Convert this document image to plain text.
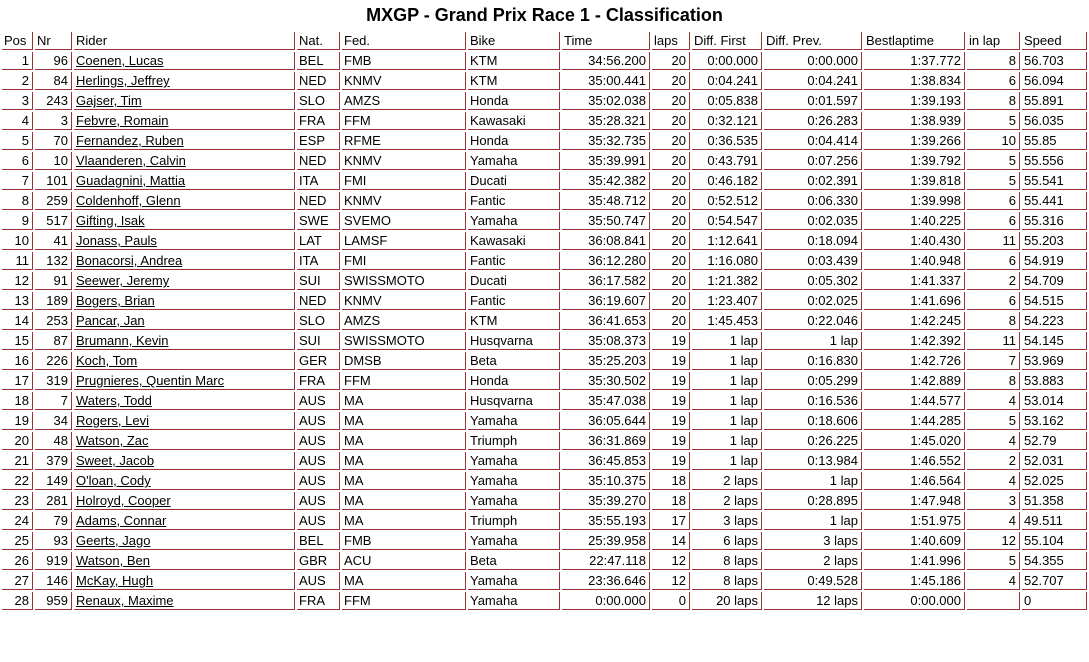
MXGP - Grand Prix Race 1 - Classification
Pos	Nr	Rider	Nat.	Fed.	Bike	Time	laps	Diff. First	Diff. Prev.	Bestlaptime	in lap	Speed
1	96	Coenen, Lucas	BEL	FMB	KTM	34:56.200	20	0:00.000	0:00.000	1:37.772	8	56.703
2	84	Herlings, Jeffrey	NED	KNMV	KTM	35:00.441	20	0:04.241	0:04.241	1:38.834	6	56.094
3	243	Gajser, Tim	SLO	AMZS	Honda	35:02.038	20	0:05.838	0:01.597	1:39.193	8	55.891
4	3	Febvre, Romain	FRA	FFM	Kawasaki	35:28.321	20	0:32.121	0:26.283	1:38.939	5	56.035
5	70	Fernandez, Ruben	ESP	RFME	Honda	35:32.735	20	0:36.535	0:04.414	1:39.266	10	55.85
6	10	Vlaanderen, Calvin	NED	KNMV	Yamaha	35:39.991	20	0:43.791	0:07.256	1:39.792	5	55.556
7	101	Guadagnini, Mattia	ITA	FMI	Ducati	35:42.382	20	0:46.182	0:02.391	1:39.818	5	55.541
8	259	Coldenhoff, Glenn	NED	KNMV	Fantic	35:48.712	20	0:52.512	0:06.330	1:39.998	6	55.441
9	517	Gifting, Isak	SWE	SVEMO	Yamaha	35:50.747	20	0:54.547	0:02.035	1:40.225	6	55.316
10	41	Jonass, Pauls	LAT	LAMSF	Kawasaki	36:08.841	20	1:12.641	0:18.094	1:40.430	11	55.203
11	132	Bonacorsi, Andrea	ITA	FMI	Fantic	36:12.280	20	1:16.080	0:03.439	1:40.948	6	54.919
12	91	Seewer, Jeremy	SUI	SWISSMOTO	Ducati	36:17.582	20	1:21.382	0:05.302	1:41.337	2	54.709
13	189	Bogers, Brian	NED	KNMV	Fantic	36:19.607	20	1:23.407	0:02.025	1:41.696	6	54.515
14	253	Pancar, Jan	SLO	AMZS	KTM	36:41.653	20	1:45.453	0:22.046	1:42.245	8	54.223
15	87	Brumann, Kevin	SUI	SWISSMOTO	Husqvarna	35:08.373	19	1 lap	1 lap	1:42.392	11	54.145
16	226	Koch, Tom	GER	DMSB	Beta	35:25.203	19	1 lap	0:16.830	1:42.726	7	53.969
17	319	Prugnieres, Quentin Marc	FRA	FFM	Honda	35:30.502	19	1 lap	0:05.299	1:42.889	8	53.883
18	7	Waters, Todd	AUS	MA	Husqvarna	35:47.038	19	1 lap	0:16.536	1:44.577	4	53.014
19	34	Rogers, Levi	AUS	MA	Yamaha	36:05.644	19	1 lap	0:18.606	1:44.285	5	53.162
20	48	Watson, Zac	AUS	MA	Triumph	36:31.869	19	1 lap	0:26.225	1:45.020	4	52.79
21	379	Sweet, Jacob	AUS	MA	Yamaha	36:45.853	19	1 lap	0:13.984	1:46.552	2	52.031
22	149	O'loan, Cody	AUS	MA	Yamaha	35:10.375	18	2 laps	1 lap	1:46.564	4	52.025
23	281	Holroyd, Cooper	AUS	MA	Yamaha	35:39.270	18	2 laps	0:28.895	1:47.948	3	51.358
24	79	Adams, Connar	AUS	MA	Triumph	35:55.193	17	3 laps	1 lap	1:51.975	4	49.511
25	93	Geerts, Jago	BEL	FMB	Yamaha	25:39.958	14	6 laps	3 laps	1:40.609	12	55.104
26	919	Watson, Ben	GBR	ACU	Beta	22:47.118	12	8 laps	2 laps	1:41.996	5	54.355
27	146	McKay, Hugh	AUS	MA	Yamaha	23:36.646	12	8 laps	0:49.528	1:45.186	4	52.707
28	959	Renaux, Maxime	FRA	FFM	Yamaha	0:00.000	0	20 laps	12 laps	0:00.000		0
